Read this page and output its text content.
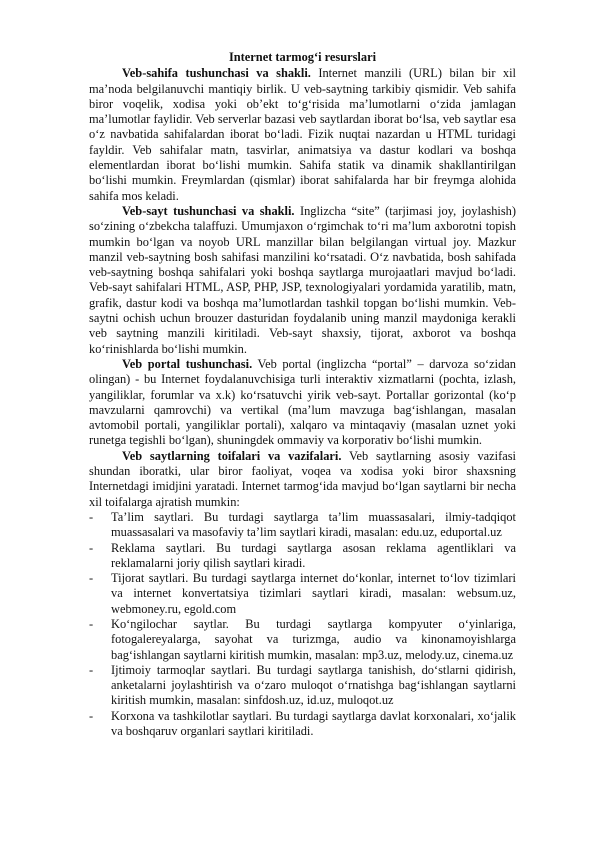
Internet tarmog‘i resurslari

Veb-sahifa tushunchasi va shakli. Internet manzili (URL) bilan bir xil ma’noda belgilanuvchi mantiqiy birlik. U veb-saytning tarkibiy qismidir. Veb sahifa biror voqelik, xodisa yoki ob’ekt to‘g‘risida ma’lumotlarni o‘zida jamlagan ma’lumotlar faylidir. Veb serverlar bazasi veb saytlardan iborat bo‘lsa, veb saytlar esa o‘z navbatida sahifalardan iborat bo‘ladi. Fizik nuqtai nazardan u HTML turidagi fayldir. Veb sahifalar matn, tasvirlar, animatsiya va dastur kodlari va boshqa elementlardan iborat bo‘lishi mumkin. Sahifa statik va dinamik shakllantirilgan bo‘lishi mumkin. Freymlardan (qismlar) iborat sahifalarda har bir freymga alohida sahifa mos keladi.

Veb-sayt tushunchasi va shakli. Inglizcha “site” (tarjimasi joy, joylashish) so‘zining o‘zbekcha talaffuzi. Umumjaxon o‘rgimchak to‘ri ma’lum axborotni topish mumkin bo‘lgan va noyob URL manzillar bilan belgilangan virtual joy. Mazkur manzil veb-saytning bosh sahifasi manzilini ko‘rsatadi. O‘z navbatida, bosh sahifada veb-saytning boshqa sahifalari yoki boshqa saytlarga murojaatlari mavjud bo‘ladi. Veb-sayt sahifalari HTML, ASP, PHP, JSP, texnologiyalari yordamida yaratilib, matn, grafik, dastur kodi va boshqa ma’lumotlardan tashkil topgan bo‘lishi mumkin. Veb-saytni ochish uchun brouzer dasturidan foydalanib uning manzil maydoniga kerakli veb saytning manzili kiritiladi. Veb-sayt shaxsiy, tijorat, axborot va boshqa ko‘rinishlarda bo‘lishi mumkin.

Veb portal tushunchasi. Veb portal (inglizcha “portal” – darvoza so‘zidan olingan) - bu Internet foydalanuvchisiga turli interaktiv xizmatlarni (pochta, izlash, yangiliklar, forumlar va x.k) ko‘rsatuvchi yirik veb-sayt. Portallar gorizontal (ko‘p mavzularni qamrovchi) va vertikal (ma’lum mavzuga bag‘ishlangan, masalan avtomobil portali, yangiliklar portali), xalqaro va mintaqaviy (masalan uznet yoki runetga tegishli bo‘lgan), shuningdek ommaviy va korporativ bo‘lishi mumkin.

Veb saytlarning toifalari va vazifalari. Veb saytlarning asosiy vazifasi shundan iboratki, ular biror faoliyat, voqea va xodisa yoki biror shaxsning Internetdagi imidjini yaratadi. Internet tarmog‘ida mavjud bo‘lgan saytlarni bir necha xil toifalarga ajratish mumkin:

- Ta’lim saytlari. Bu turdagi saytlarga ta’lim muassasalari, ilmiy-tadqiqot muassasalari va masofaviy ta’lim saytlari kiradi, masalan: edu.uz, eduportal.uz
- Reklama saytlari. Bu turdagi saytlarga asosan reklama agentliklari va reklamalarni joriy qilish saytlari kiradi.
- Tijorat saytlari. Bu turdagi saytlarga internet do‘konlar, internet to‘lov tizimlari va internet konvertatsiya tizimlari saytlari kiradi, masalan: websum.uz, webmoney.ru, egold.com
- Ko‘ngilochar saytlar. Bu turdagi saytlarga kompyuter o‘yinlariga, fotogalereyalarga, sayohat va turizmga, audio va kinonamoyishlarga bag‘ishlangan saytlarni kiritish mumkin, masalan: mp3.uz, melody.uz, cinema.uz
- Ijtimoiy tarmoqlar saytlari. Bu turdagi saytlarga tanishish, do‘stlarni qidirish, anketalarni joylashtirish va o‘zaro muloqot o‘rnatishga bag‘ishlangan saytlarni kiritish mumkin, masalan: sinfdosh.uz, id.uz, muloqot.uz
- Korxona va tashkilotlar saytlari. Bu turdagi saytlarga davlat korxonalari, xo‘jalik va boshqaruv organlari saytlari kiritiladi.
